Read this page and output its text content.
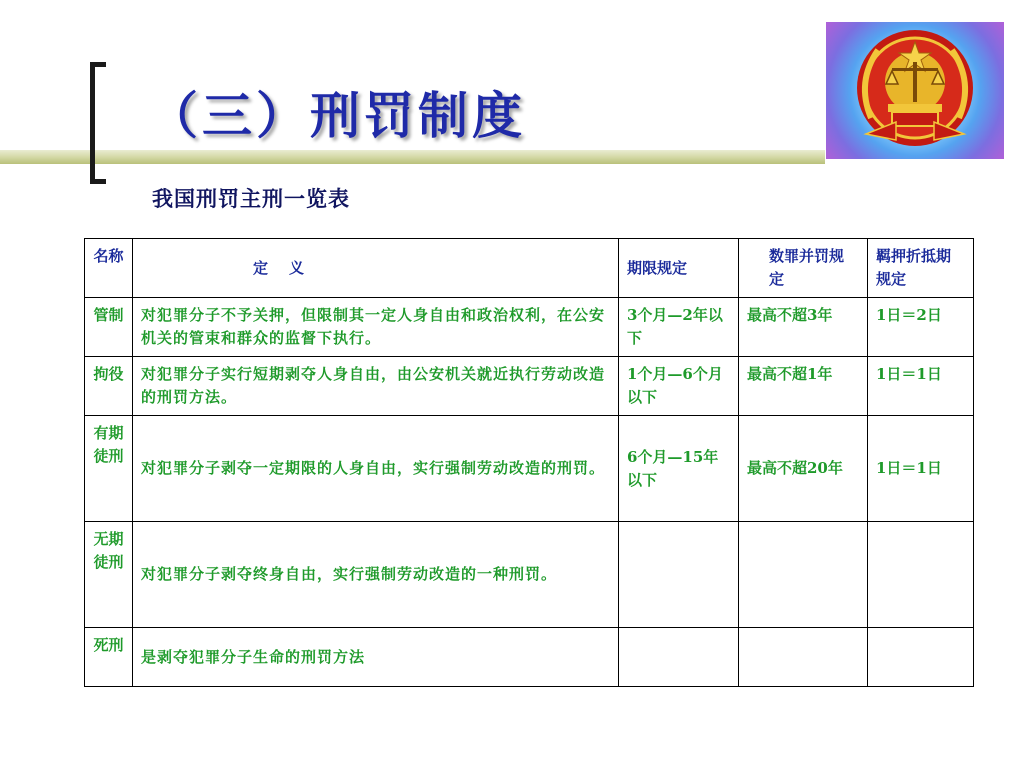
（三）刑罚制度
我国刑罚主刑一览表
名称	定　义	期限规定	数罪并罚规 定	羁押折抵期规定
管制	对犯罪分子不予关押，但限制其一定人身自由和政治权利，在公安机关的管束和群众的监督下执行。	3个月—2年以下	最高不超3年	1日＝2日
拘役	对犯罪分子实行短期剥夺人身自由，由公安机关就近执行劳动改造的刑罚方法。	1个月—6个月以下	最高不超1年	1日＝1日
有期徒刑	对犯罪分子剥夺一定期限的人身自由，实行强制劳动改造的刑罚。	6个月—15年以下	最高不超20年	1日＝1日
无期徒刑	对犯罪分子剥夺终身自由，实行强制劳动改造的一种刑罚。			
死刑	是剥夺犯罪分子生命的刑罚方法			
